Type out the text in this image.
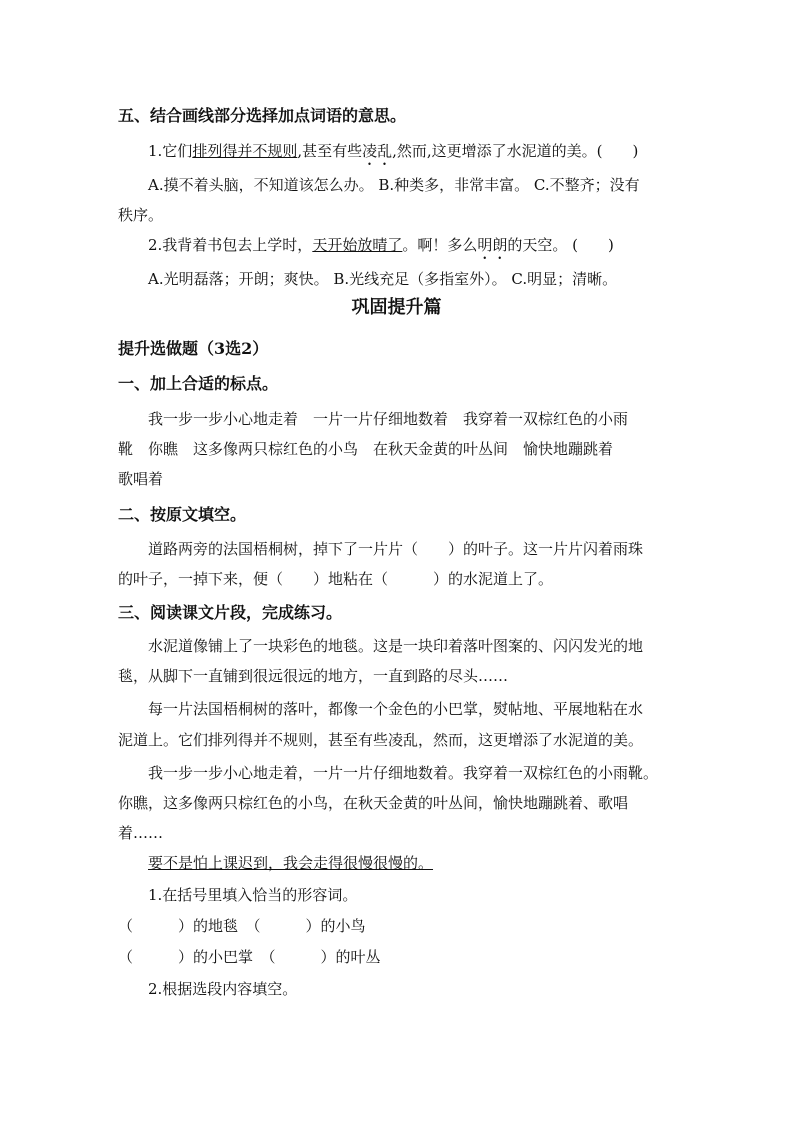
五、结合画线部分选择加点词语的意思。
1.它们排列得并不规则,甚至有些凌乱,然而,这更增添了水泥道的美。(　　)
A.摸不着头脑，不知道该怎么办。 B.种类多，非常丰富。 C.不整齐；没有
秩序。
2.我背着书包去上学时，天开始放晴了。啊！多么明朗的天空。 (　　)
A.光明磊落；开朗；爽快。 B.光线充足（多指室外）。 C.明显；清晰。
巩固提升篇
提升选做题（3选2）
一、加上合适的标点。
我一步一步小心地走着　一片一片仔细地数着　我穿着一双棕红色的小雨
靴　你瞧　这多像两只棕红色的小鸟　在秋天金黄的叶丛间　愉快地蹦跳着
歌唱着
二、按原文填空。
道路两旁的法国梧桐树，掉下了一片片（　　）的叶子。这一片片闪着雨珠
的叶子，一掉下来，便（　　）地粘在（　　　）的水泥道上了。
三、阅读课文片段，完成练习。
水泥道像铺上了一块彩色的地毯。这是一块印着落叶图案的、闪闪发光的地
毯，从脚下一直铺到很远很远的地方，一直到路的尽头……
每一片法国梧桐树的落叶，都像一个金色的小巴掌，熨帖地、平展地粘在水
泥道上。它们排列得并不规则，甚至有些凌乱，然而，这更增添了水泥道的美。
我一步一步小心地走着，一片一片仔细地数着。我穿着一双棕红色的小雨靴。
你瞧，这多像两只棕红色的小鸟，在秋天金黄的叶丛间，愉快地蹦跳着、歌唱
着……
要不是怕上课迟到，我会走得很慢很慢的。
1.在括号里填入恰当的形容词。
（　　　）的地毯　（　　　）的小鸟
（　　　）的小巴掌　（　　　）的叶丛
2.根据选段内容填空。
